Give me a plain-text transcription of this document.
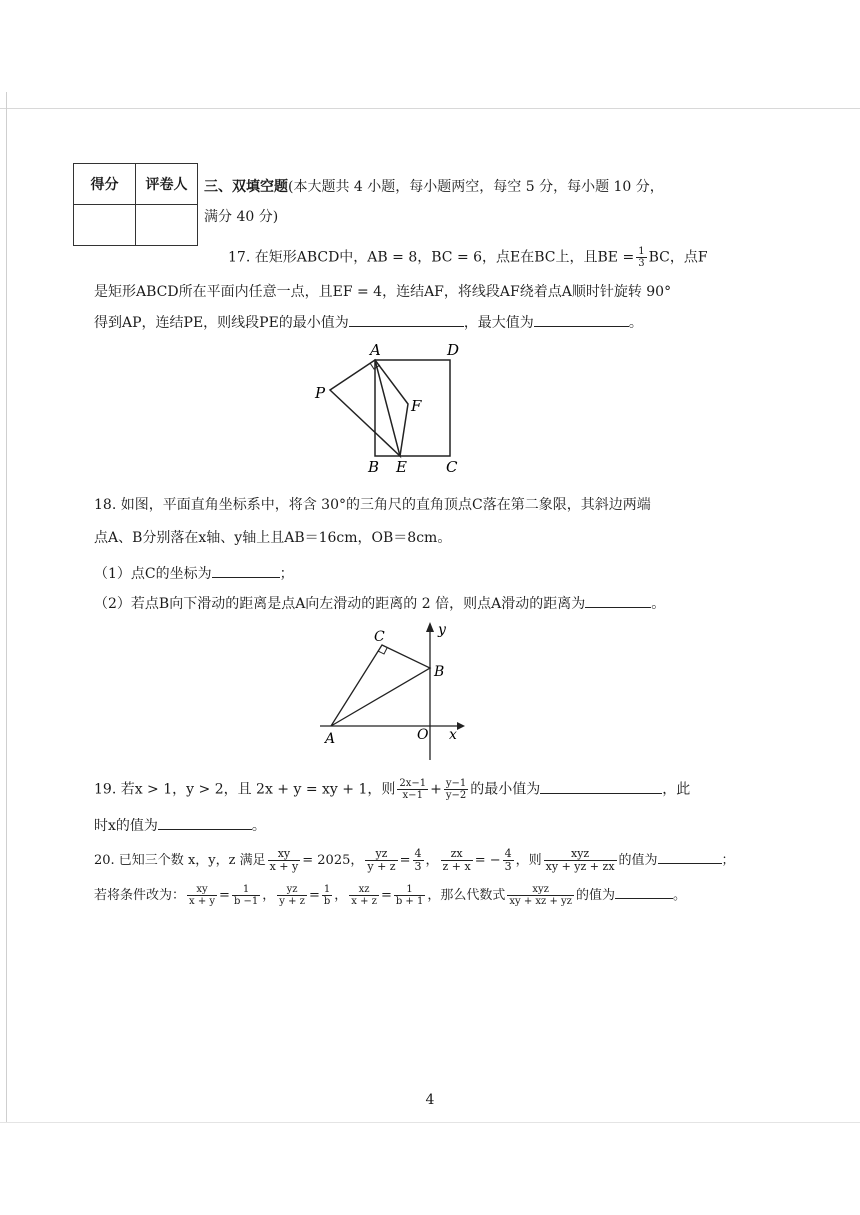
得分	评卷人
	三、双填空题(本大题共 4 小题，每小题两空，每空 5 分，每小题 10 分，
满分 40 分)
17. 在矩形ABCD中，AB = 8，BC = 6，点E在BC上，且BE = $\frac{1}{3}$ BC，点F
是矩形ABCD所在平面内任意一点，且EF = 4，连结AF，将线段AF绕着点A顺时针旋转 90°
得到AP，连结PE，则线段PE的最小值为	，最大值为	。
A	D
P
F
B E	C
18. 如图，平面直角坐标系中，将含 30°的三角尺的直角顶点C落在第二象限，其斜边两端
点A、B分别落在x轴、y轴上且AB＝16cm，OB＝8cm。
（1）点C的坐标为	；
（2）若点B向下滑动的距离是点A向左滑动的距离的 2 倍，则点A滑动的距离为	。
C	y
B
A	O x
19. 若x > 1，y > 2，且 2x + y = xy + 1，则 $\frac{2x-1}{x-1} + \frac{y-1}{y-2}$ 的最小值为	，此
时x的值为	。
20. 已知三个数 x，y，z 满足 $\frac{xy}{x + y} = 2025$， $\frac{yz}{y + z} = \frac{4}{3}$ ， $\frac{zx}{z + x}$ = − $\frac{4}{3}$ ，则 $\frac{\text{xyz}}{xy + yz + zx}$ 的值为	；
若将条件改为： $\frac{xy}{x + y} = \frac{1}{b -1}$ ， $\frac{yz}{y + z} = \frac{1}{b}$ ， $\frac{xz}{x + z} = \frac{1}{b + 1}$ ，那么代数式 $\frac{\text{xyz}}{xy + xz + yz}$ 的值为	。
4
